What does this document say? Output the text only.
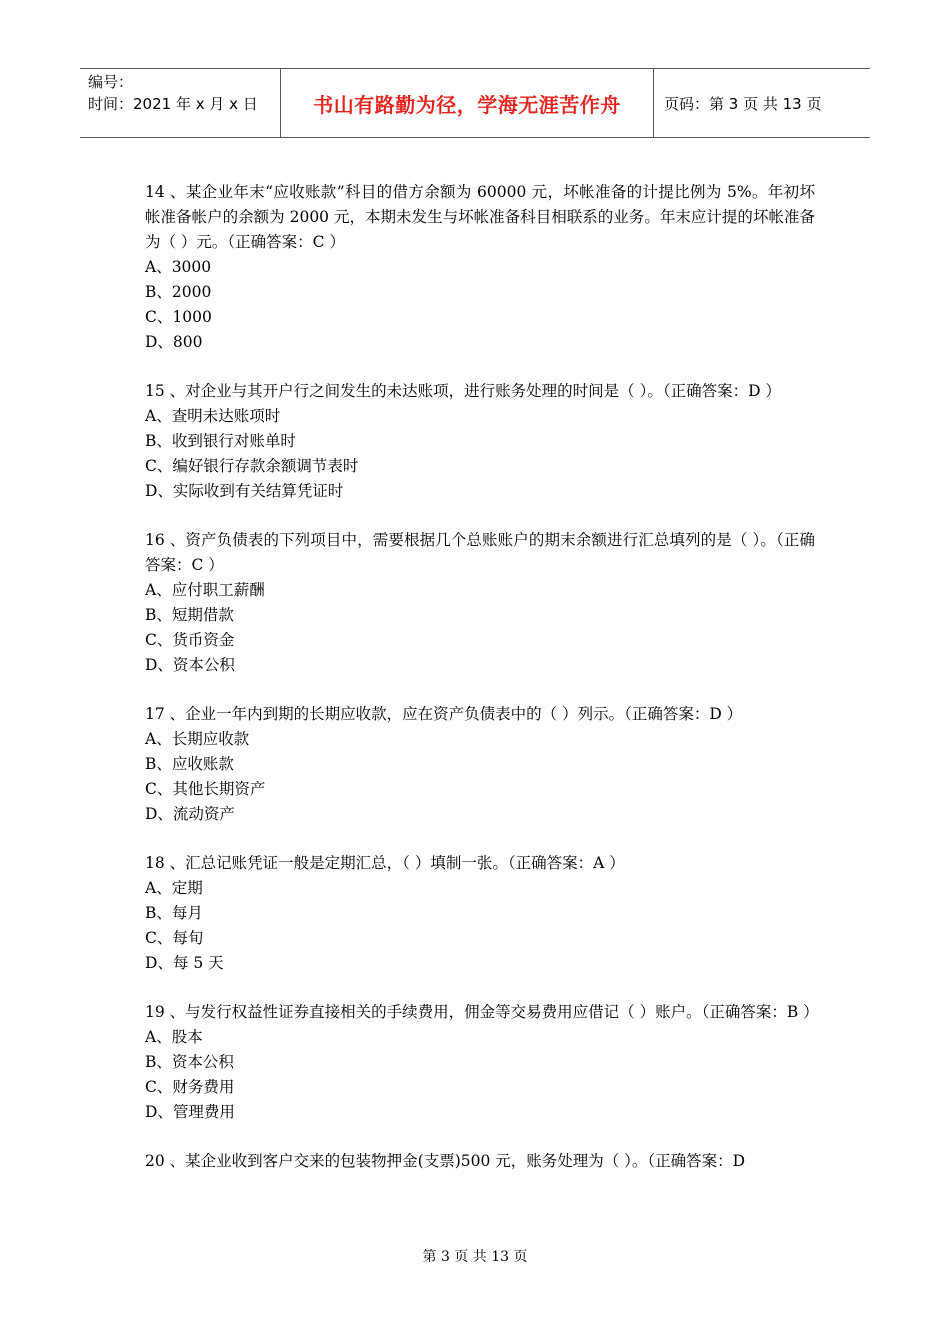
编号：
时间：2021 年 x 月 x 日	书山有路勤为径，学海无涯苦作舟	页码：第 3 页 共 13 页
14 、某企业年末“应收账款”科目的借方余额为 60000 元，坏帐准备的计提比例为 5%。年初坏帐准备帐户的余额为 2000 元，本期未发生与坏帐准备科目相联系的业务。年末应计提的坏帐准备为（ ）元。（正确答案：C ）
A、3000
B、2000
C、1000
D、800
15 、对企业与其开户行之间发生的未达账项，进行账务处理的时间是（ ）。（正确答案：D ）
A、查明未达账项时
B、收到银行对账单时
C、编好银行存款余额调节表时
D、实际收到有关结算凭证时
16 、资产负债表的下列项目中，需要根据几个总账账户的期末余额进行汇总填列的是（ ）。（正确答案：C ）
A、应付职工薪酬
B、短期借款
C、货币资金
D、资本公积
17 、企业一年内到期的长期应收款，应在资产负债表中的（ ）列示。（正确答案：D ）
A、长期应收款
B、应收账款
C、其他长期资产
D、流动资产
18 、汇总记账凭证一般是定期汇总，（ ）填制一张。（正确答案：A ）
A、定期
B、每月
C、每旬
D、每 5 天
19 、与发行权益性证券直接相关的手续费用，佣金等交易费用应借记（ ）账户。（正确答案：B ）
A、股本
B、资本公积
C、财务费用
D、管理费用
20 、某企业收到客户交来的包装物押金(支票)500 元，账务处理为（ ）。（正确答案：D
第 3 页 共 13 页
